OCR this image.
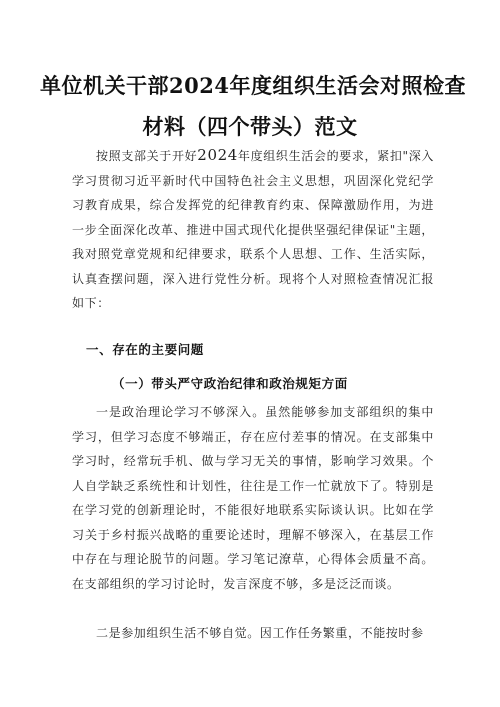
单位机关干部2024年度组织生活会对照检查
材料（四个带头）范文

按照支部关于开好2024年度组织生活会的要求，紧扣"深入学习贯彻习近平新时代中国特色社会主义思想，巩固深化党纪学习教育成果，综合发挥党的纪律教育约束、保障激励作用，为进一步全面深化改革、推进中国式现代化提供坚强纪律保证"主题，我对照党章党规和纪律要求，联系个人思想、工作、生活实际，认真查摆问题，深入进行党性分析。现将个人对照检查情况汇报如下：

一、存在的主要问题
（一）带头严守政治纪律和政治规矩方面

一是政治理论学习不够深入。虽然能够参加支部组织的集中学习，但学习态度不够端正，存在应付差事的情况。在支部集中学习时，经常玩手机、做与学习无关的事情，影响学习效果。个人自学缺乏系统性和计划性，往往是工作一忙就放下了。特别是在学习党的创新理论时，不能很好地联系实际谈认识。比如在学习关于乡村振兴战略的重要论述时，理解不够深入，在基层工作中存在与理论脱节的问题。学习笔记潦草，心得体会质量不高。在支部组织的学习讨论时，发言深度不够，多是泛泛而谈。

二是参加组织生活不够自觉。因工作任务繁重，不能按时参
